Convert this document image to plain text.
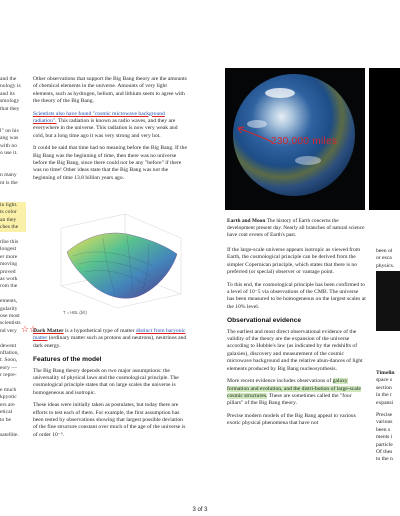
and the
nology is
and its
smology
that they

l" on his
ang was
with no
o use it.

n many
nt is the

in light.
ts color
an they
ches the

ribe this
longest
er more
moving
proved
as work
rom the

ements,
gularity
ose most
scientists
nd very

dewent
nflation,
t. Soon,
eory —
r repre-

e much
kpyotic
ers are
etical
to be

satellite.

Other observations that support the Big Bang theory are the amounts of chemical elements in the universe. Amounts of very light elements, such as hydrogen, helium, and lithium seem to agree with the theory of the Big Bang.

Scientists also have found "cosmic microwave background radiation". This radiation is known as radio waves, and they are everywhere in the universe. This radiation is now very weak and cold, but a long time ago it was very strong and very hot.

It could be said that time had no meaning before the Big Bang. If the Big Bang was the beginning of time, then there was no universe before the Big Bang, since there could not be any "before" if there was no time! Other ideas state that the Big Bang was not the beginning of time 13.8 billion years ago.

T = HBL (b/t)
☆☆

Dark Matter is a hypothetical type of matter distinct from baryonic matter (ordinary matter such as protons and neutrons), neutrinos and dark energy.

Features of the model

The Big Bang theory depends on two major assumptions: the universality of physical laws and the cosmological principle. The cosmological principle states that on large scales the universe is homogeneous and isotropic.

These ideas were initially taken as postulates, but today there are efforts to test each of them. For example, the first assumption has been tested by observations showing that largest possible deviation of the fine structure constant over much of the age of the universe is of order 10⁻⁵.

230,000 miles

Earth and Moon The history of Earth concerns the development present day. Nearly all branches of natural science have cont events of Earth's past.

If the large-scale universe appears isotropic as viewed from Earth, the cosmological principle can be derived from the simpler Copernican principle, which states that there is no preferred (or special) observer or vantage point.

To this end, the cosmological principle has been confirmed to a level of 10⁻5 via observations of the CMB. The universe has been measured to be homogeneous on the largest scales at the 10% level.

Observational evidence

The earliest and most direct observational evidence of the validity of the theory are the expansion of the universe according to Hubble's law (as indicated by the redshifts of galaxies), discovery and measurement of the cosmic microwave background and the relative abun-dances of light elements produced by Big Bang nucleosynthesis.

More recent evidence includes observations of galaxy formation and evolution, and the distri-bution of large-scale cosmic structures. These are sometimes called the "four pillars" of the Big Bang theory.

Precise modern models of the Big Bang appeal to various exotic physical phenomena that have not

been ol
or esca
physics.
Timelin
space s
section
in the r
expansi
Precise
various
been s
ments i
particle
Of thes
to the n
3 of 3
